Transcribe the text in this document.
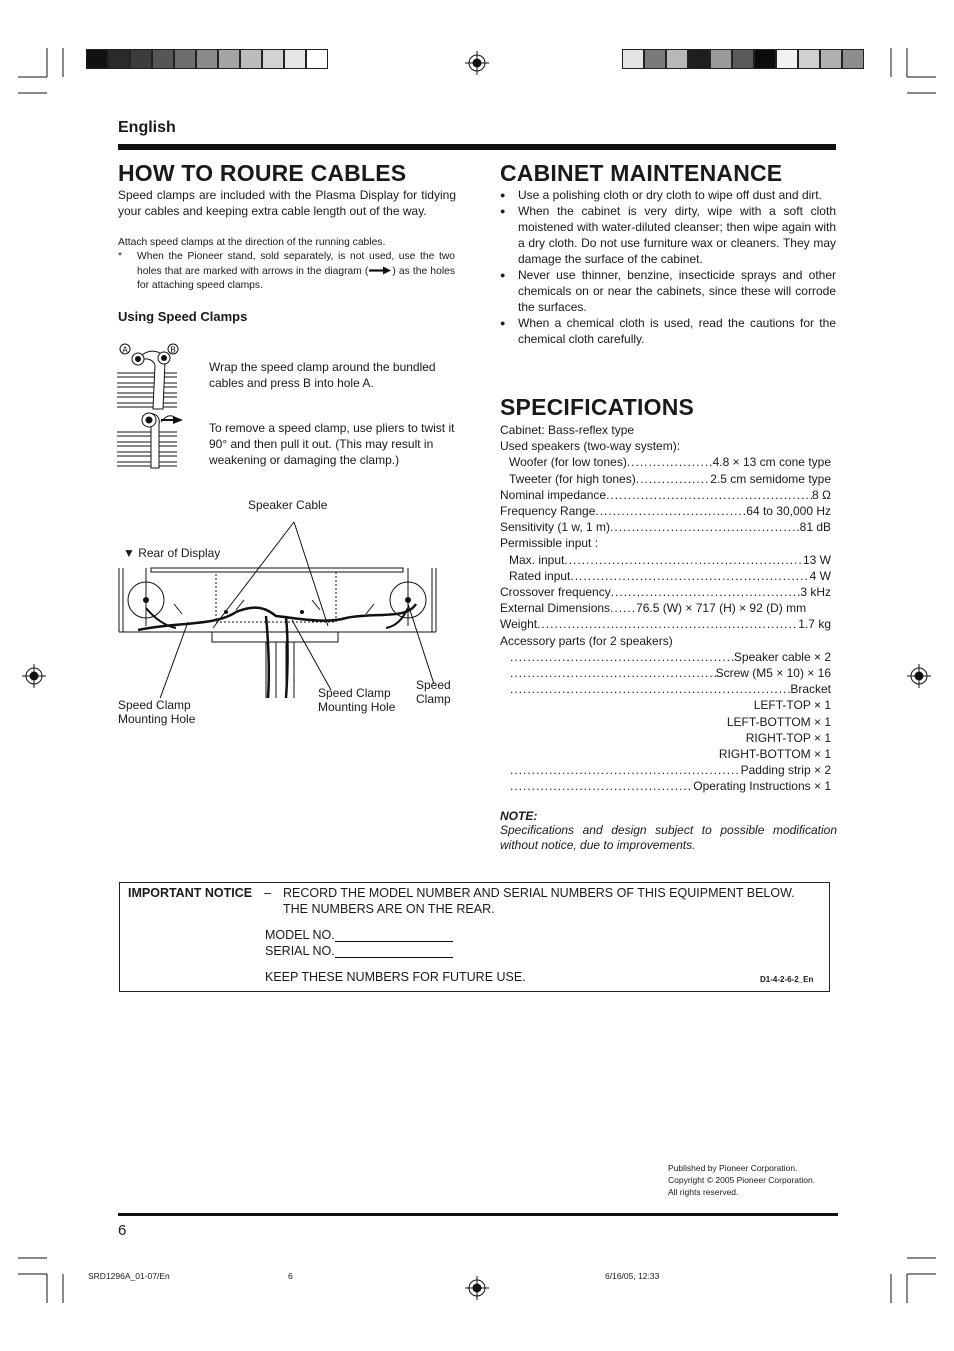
English
HOW TO ROURE CABLES
Speed clamps are included with the Plasma Display for tidying your cables and keeping extra cable length out of the way.
Attach speed clamps at the direction of the running cables.
* When the Pioneer stand, sold separately, is not used, use the two holes that are marked with arrows in the diagram ( ) as the holes for attaching speed clamps.
Using Speed Clamps
A	B
Wrap the speed clamp around the bundled cables and press B into hole A.
To remove a speed clamp, use pliers to twist it 90° and then pull it out. (This may result in weakening or damaging the clamp.)
Speaker Cable
▼ Rear of Display
Speed Clamp
Mounting Hole
Speed Clamp
Mounting Hole
Speed
Clamp
CABINET MAINTENANCE
● Use a polishing cloth or dry cloth to wipe off dust and dirt.
● When the cabinet is very dirty, wipe with a soft cloth moistened with water-diluted cleanser; then wipe again with a dry cloth. Do not use furniture wax or cleaners. They may damage the surface of the cabinet.
● Never use thinner, benzine, insecticide sprays and other chemicals on or near the cabinets, since these will corrode the surfaces.
● When a chemical cloth is used, read the cautions for the chemical cloth carefully.
SPECIFICATIONS
Cabinet: Bass-reflex type
Used speakers (two-way system):
Woofer (for low tones) .....	4.8 × 13 cm cone type
Tweeter (for high tones) .....	2.5 cm semidome type
Nominal impedance .....	8 Ω
Frequency Range .....	64 to 30,000 Hz
Sensitivity (1 w, 1 m) .....	81 dB
Permissible input :
Max. input .....	13 W
Rated input .....	4 W
Crossover frequency .....	3 kHz
External Dimensions ..... 76.5 (W) × 717 (H) × 92 (D) mm
Weight .....	1.7 kg
Accessory parts (for 2 speakers)
.....
Speaker cable × 2
.....
Screw (M5 × 10) × 16
.....
Bracket
LEFT-TOP × 1
LEFT-BOTTOM × 1
RIGHT-TOP × 1
RIGHT-BOTTOM × 1
.....
Padding strip × 2
.....
Operating Instructions × 1
NOTE:
Specifications and design subject to possible modification without notice, due to improvements.
IMPORTANT NOTICE – RECORD THE MODEL NUMBER AND SERIAL NUMBERS OF THIS EQUIPMENT BELOW.
THE NUMBERS ARE ON THE REAR.
MODEL NO.
SERIAL NO.
KEEP THESE NUMBERS FOR FUTURE USE.	D1-4-2-6-2_En
Published by Pioneer Corporation.
Copyright © 2005 Pioneer Corporation.
All rights reserved.
6
SRD1296A_01-07/En	6	6/16/05, 12:33
